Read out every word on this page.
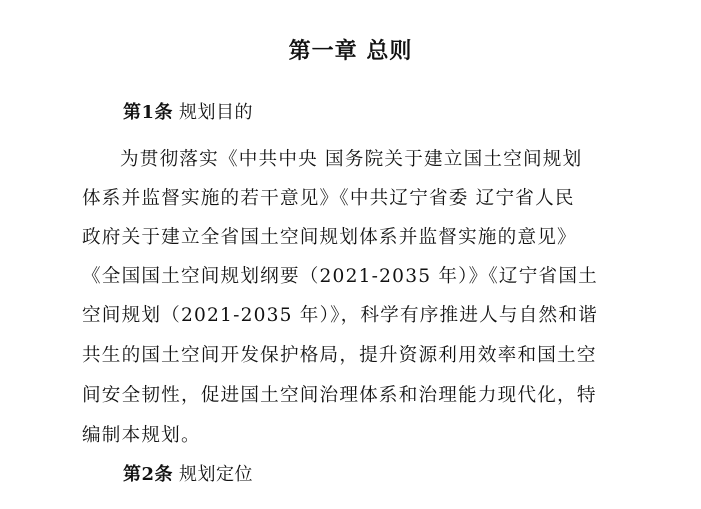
第一章 总则
第1条 规划目的
为贯彻落实《中共中央 国务院关于建立国土空间规划
体系并监督实施的若干意见》《中共辽宁省委 辽宁省人民
政府关于建立全省国土空间规划体系并监督实施的意见》
《全国国土空间规划纲要（2021-2035 年）》《辽宁省国土
空间规划（2021-2035 年）》，科学有序推进人与自然和谐
共生的国土空间开发保护格局，提升资源利用效率和国土空
间安全韧性，促进国土空间治理体系和治理能力现代化，特
编制本规划。
第2条 规划定位
